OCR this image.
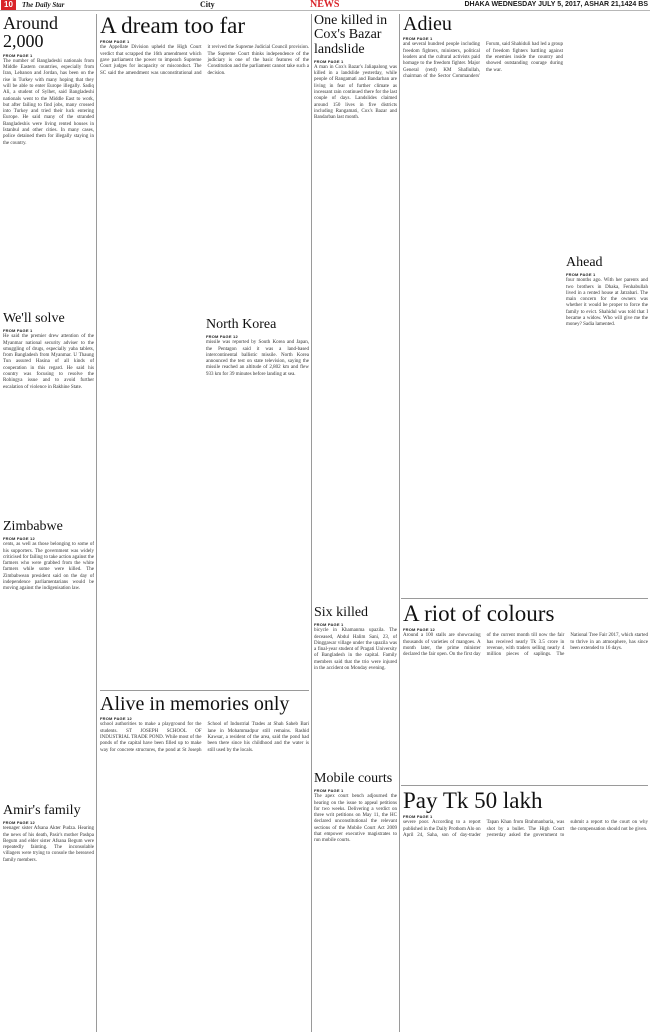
10	The Daily Star	City	NEWS	DHAKA WEDNESDAY JULY 5, 2017, ASHAR 21,1424 BS
Around 2,000
FROM PAGE 1
The number of Bangladeshi nationals from Middle Eastern countries, especially from Iran, Lebanon and Jordan, has been on the rise in Turkey with many hoping that they will be able to enter Europe illegally. Sadiq Ali, a student of Sylhet, said Bangladeshi nationals went to the Middle East to work, but after failing to find jobs, many crossed into Turkey and tried their luck entering Europe. He said many of the stranded Bangladeshis were living rented houses in Istanbul and other cities. In many cases, police detained them for illegally staying in the country.
We'll solve
FROM PAGE 1
He said the premier drew attention of the Myanmar national security adviser to the smuggling of drugs, especially yaba tablets, from Bangladesh from Myanmar. U Thaung Tun assured Hasina of all kinds of cooperation in this regard. He said his country was focusing to resolve the Rohingya issue and to avoid further escalation of violence in Rakhine State.
Zimbabwe
FROM PAGE 12
cents, as well as those belonging to some of his supporters. The government was widely criticised for failing to take action against the farmers who were grabbed from the white farmers while some were killed. The Zimbabwean president said on the day of independence parliamentarians would be moving against the indigenisation law.
Amir's family
FROM PAGE 12
teenager sister Afsana Akter Pudza. Hearing the news of his death, Pasir's mother Pashpa Begum and elder sister Afsana Begum were repeatedly fainting. The inconsolable villagers were trying to console the bereaved family members.
A dream too far
FROM PAGE 1
the Appellate Division upheld the High Court verdict that scrapped the 16th amendment which gave parliament the power to impeach Supreme Court judges for incapacity or misconduct. The SC said the amendment was unconstitutional and it revived the Supreme Judicial Council provision. The Supreme Court thinks independence of the judiciary is one of the basic features of the Constitution and the parliament cannot take such a decision.
North Korea
FROM PAGE 12
missile was reported by South Korea and Japan, the Pentagon said it was a land-based intercontinental ballistic missile. North Korea announced the test on state television, saying the missile reached an altitude of 2,802 km and flew 933 km for 39 minutes before landing at sea.
Alive in memories only
FROM PAGE 12
school authorities to make a playground for the students. ST JOSEPH SCHOOL OF INDUSTRIAL TRADE POND. While most of the ponds of the capital have been filled up to make way for concrete structures, the pond at St Joseph School of Industrial Trades at Shah Saheb Bari lane in Mohammadpur still remains. Rashid Kawsar, a resident of the area, said the pond had been there since his childhood and the water is still used by the locals.
One killed in Cox's Bazar landslide
FROM PAGE 1
A man in Cox's Bazar's Jaliapalong was killed in a landslide yesterday, while people of Rangamati and Bandarban are living in fear of further climate as incessant rain continued there for the last couple of days. Landslides claimed around 150 lives in five districts including Rangamati, Cox's Bazar and Bandarban last month.
Six killed
FROM PAGE 1
bicycle in Khamanma upazila. The deceased, Abdul Halim Sani, 23, of Dinggawar village under the upazila was a final-year student of Pragati University of Bangladesh in the capital. Family members said that the trio were injured in the accident on Monday evening.
Mobile courts
FROM PAGE 1
The apex court bench adjourned the hearing on the issue to appeal petitions for two weeks. Delivering a verdict on three writ petitions on May 11, the HC declared unconstitutional the relevant sections of the Mobile Court Act 2009 that empower executive magistrates to run mobile courts.
Adieu
FROM PAGE 1
and several hundred people including freedom fighters, ministers, political leaders and the cultural activists paid homage to the freedom fighter. Major General (retd) KM Shafiullah, chairman of the Sector Commanders' Forum, said Shahiduli had led a group of freedom fighters battling against the enemies inside the country and showed outstanding courage during the war.
Ahead
FROM PAGE 1
four months ago. With her parents and two brothers in Dhaka, Fenhabullah lived in a rented house at Jatrabari. The main concern for the owners was whether it would be proper to force the family to evict. Shahidul was told that I became a widow. Who will give me the money? Sadia lamented.
A riot of colours
FROM PAGE 12
Around a 100 stalls are showcasing thousands of varieties of mangoes. A month later, the prime minister declared the fair open. On the first day of the current month till now the fair has received nearly Tk 3.5 crore in revenue, with traders selling nearly 4 million pieces of saplings. The National Tree Fair 2017, which started to thrive in an atmosphere, has since been extended to 16 days.
Pay Tk 50 lakh
FROM PAGE 1
severe poor. According to a report published in the Daily Prothom Alo on April 24, Saha, son of day-trader Tapan Khan from Brahmanbaria, was shot by a bullet. The High Court yesterday asked the government to submit a report to the court on why the compensation should not be given.
